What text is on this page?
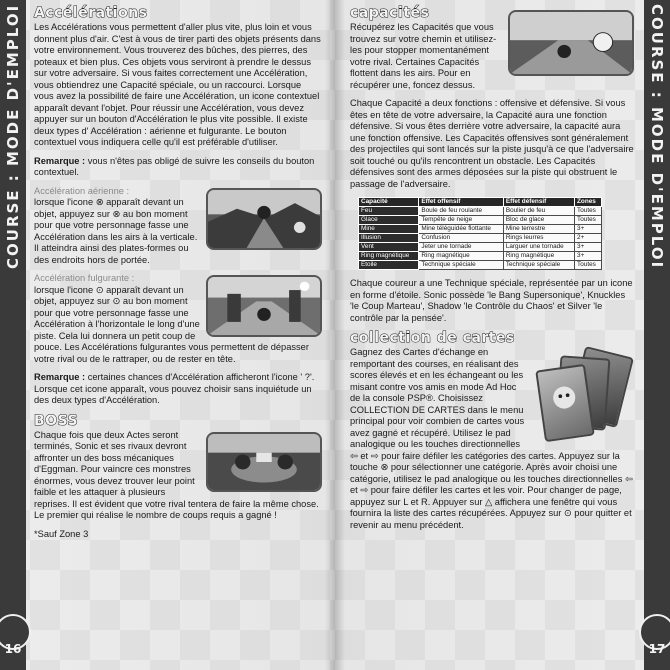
COURSE : MODE D'EMPLOI
16
COURSE : MODE D'EMPLOI
17
Accélérations

Les Accélérations vous permettent d'aller plus vite, plus loin et vous donnent plus d'air. C'est à vous de tirer parti des objets présents dans votre environnement. Vous trouverez des bûches, des pierres, des poteaux et bien plus. Ces objets vous serviront à prendre le dessus sur votre adversaire. Si vous faites correctement une Accélération, vous obtiendrez une Capacité spéciale, ou un raccourci. Lorsque vous avez la possibilité de faire une Accélération, un icone contextuel apparaît devant l'objet. Pour réussir une Accélération, vous devez appuyer sur un bouton d'Accélération le plus vite possible. Il existe deux types d' Accélération : aérienne et fulgurante. Le bouton contextuel vous indiquera celle qu'il est préférable d'utiliser.

Remarque : vous n'êtes pas obligé de suivre les conseils du bouton contextuel.

Accélération aérienne :
lorsque l'icone ⊗ apparaît devant un objet, appuyez sur ⊗ au bon moment pour que votre personnage fasse une Accélération dans les airs à la verticale. Il atteindra ainsi des plates-formes ou des endroits hors de portée.

Accélération fulgurante :
lorsque l'icone ⊙ apparaît devant un objet, appuyez sur ⊙ au bon moment pour que votre personnage fasse une Accélération à l'horizontale le long d'une piste. Cela lui donnera un petit coup de pouce. Les Accélérations fulgurantes vous permettent de dépasser votre rival ou de le rattraper, ou de rester en tête.

Remarque : certaines chances d'Accélération afficheront l'icone ' ?'. Lorsque cet icone apparaît, vous pouvez choisir sans inquiétude un des deux types d'Accélération.

BOSS

Chaque fois que deux Actes seront terminés, Sonic et ses rivaux devront affronter un des boss mécaniques d'Eggman. Pour vaincre ces monstres énormes, vous devez trouver leur point faible et les attaquer à plusieurs reprises. Il est évident que votre rival tentera de faire la même chose. Le premier qui réalise le nombre de coups requis a gagné !

*Sauf Zone 3

capacités

Récupérez les Capacités que vous trouvez sur votre chemin et utilisez-les pour stopper momentanément votre rival. Certaines Capacités flottent dans les airs. Pour en récupérer une, foncez dessus.

Chaque Capacité a deux fonctions : offensive et défensive. Si vous êtes en tête de votre adversaire, la Capacité aura une fonction défensive. Si vous êtes derrière votre adversaire, la capacité aura une fonction offensive. Les Capacités offensives sont généralement des projectiles qui sont lancés sur la piste jusqu'à ce que l'adversaire soit touché ou qu'ils rencontrent un obstacle. Les Capacités défensives sont des armes déposées sur la piste qui obstruent le passage de l'adversaire.

Capacité	Effet offensif	Effet défensif	Zones
Feu	Boule de feu roulante	Boulier de feu	Toutes
Glace	Tempête de neige	Bloc de glace	Toutes
Mine	Mine téléguidée flottante	Mine terrestre	3+
Illusion	Confusion	Rings leurres	2+
Vent	Jeter une tornade	Larguer une tornade	3+
Ring magnétique	Ring magnétique	Ring magnétique	3+
Etoile	Technique spéciale	Technique spéciale	Toutes

Chaque coureur a une Technique spéciale, représentée par un icone en forme d'étoile. Sonic possède 'le Bang Supersonique', Knuckles 'le Coup Marteau', Shadow 'le Contrôle du Chaos' et Silver 'le contrôle par la pensée'.

collection de cartes

Gagnez des Cartes d'échange en remportant des courses, en réalisant des scores élevés et en les échangeant ou les misant contre vos amis en mode Ad Hoc de la console PSP®. Choisissez COLLECTION DE CARTES dans le menu principal pour voir combien de cartes vous avez gagné et récupéré. Utilisez le pad analogique ou les touches directionnelles ⇦ et ⇨ pour faire défiler les catégories des cartes. Appuyez sur la touche ⊗ pour sélectionner une catégorie. Après avoir choisi une catégorie, utilisez le pad analogique ou les touches directionnelles ⇦ et ⇨ pour faire défiler les cartes et les voir. Pour changer de page, appuyez sur L et R. Appuyer sur △ affichera une fenêtre qui vous fournira la liste des cartes récupérées. Appuyez sur ⊙ pour quitter et revenir au menu précédent.
